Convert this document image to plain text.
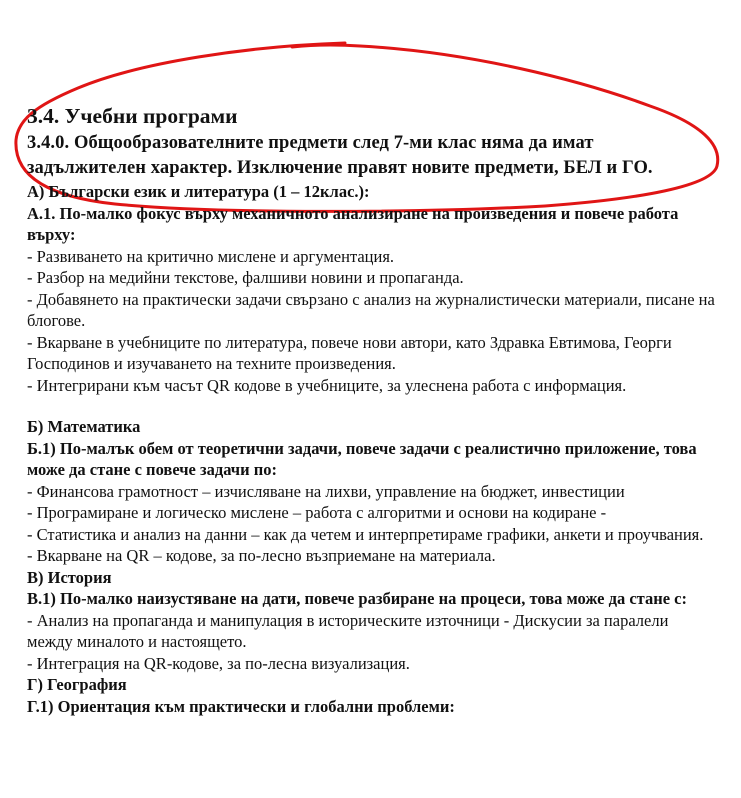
3.4. Учебни програми

3.4.0. Общообразователните предмети след 7-ми клас няма да имат задължителен характер. Изключение правят новите предмети, БЕЛ и ГО.

А) Български език и литература (1 – 12клас.):

А.1. По-малко фокус върху механичното анализиране на произведения и повече работа върху:

- Развиването на критично мислене и аргументация.

- Разбор на медийни текстове, фалшиви новини и пропаганда.

- Добавянето на практически задачи свързано с анализ на журналистически материали, писане на блогове.

- Вкарване в учебниците по литература, повече нови автори, като Здравка Евтимова, Георги Господинов и изучаването на техните произведения.

- Интегрирани към часът QR кодове в учебниците, за улеснена работа с информация.

Б) Математика

Б.1) По-малък обем от теоретични задачи, повече задачи с реалистично приложение, това може да стане с повече задачи по:

- Финансова грамотност – изчисляване на лихви, управление на бюджет, инвестиции

- Програмиране и логическо мислене – работа с алгоритми и основи на кодиране -

- Статистика и анализ на данни – как да четем и интерпретираме графики, анкети и проучвания.

- Вкарване на QR – кодове, за по-лесно възприемане на материала.

В) История

В.1) По-малко наизустяване на дати, повече разбиране на процеси, това може да стане с:

- Анализ на пропаганда и манипулация в историческите източници - Дискусии за паралели между миналото и настоящето.

- Интеграция на QR-кодове, за по-лесна визуализация.

Г) География

Г.1) Ориентация към практически и глобални проблеми:
